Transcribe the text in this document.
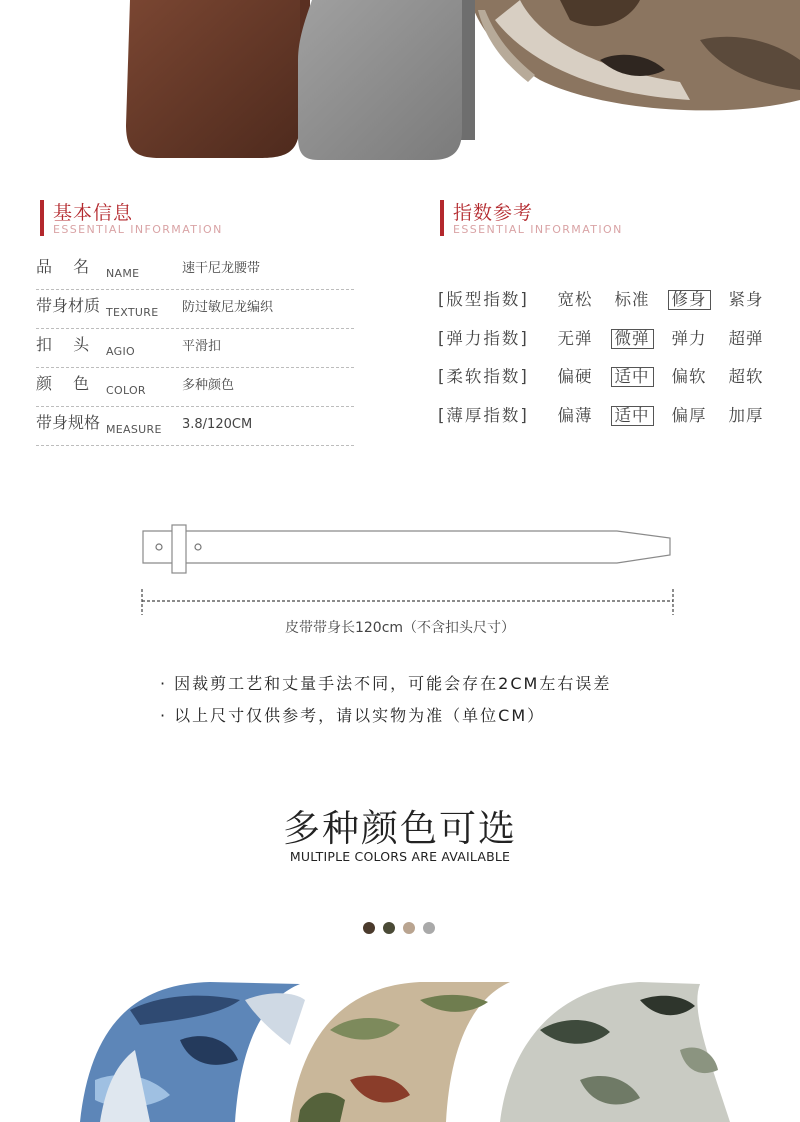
基本信息
ESSENTIAL INFORMATION
品　 名 NAME	速干尼龙腰带
带身材质 TEXTURE 防过敏尼龙编织
扣　 头 AGIO	平滑扣
颜　 色 COLOR	多种颜色
带身规格 MEASURE 3.8/120CM
指数参考
ESSENTIAL INFORMATION
[版型指数]	宽松	标准	修身	紧身
[弹力指数]	无弹	微弹	弹力	超弹
[柔软指数]	偏硬	适中	偏软	超软
[薄厚指数]	偏薄	适中	偏厚	加厚
皮带带身长120cm（不含扣头尺寸）
· 因裁剪工艺和丈量手法不同，可能会存在2CM左右误差
· 以上尺寸仅供参考，请以实物为准（单位CM）
多种颜色可选
MULTIPLE COLORS ARE AVAILABLE
